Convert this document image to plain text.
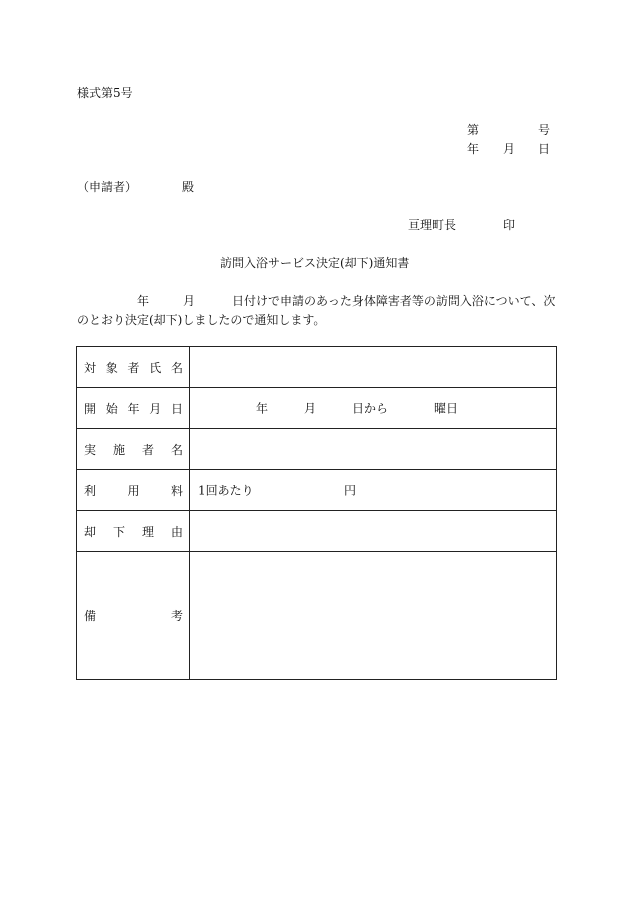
様式第5号
第	号
年 月 日
（申請者）	殿
亘理町長	印
訪問入浴サービス決定(却下)通知書
年	月	日付けで申請のあった身体障害者等の訪問入浴について、次
のとおり決定(却下)しましたので通知します。
対 象 者 氏 名	

開 始 年 月 日	年 月 日から 曜日

実 施 者 名	

利 用 料	1回あたり 円

却 下 理 由	

備 考	
